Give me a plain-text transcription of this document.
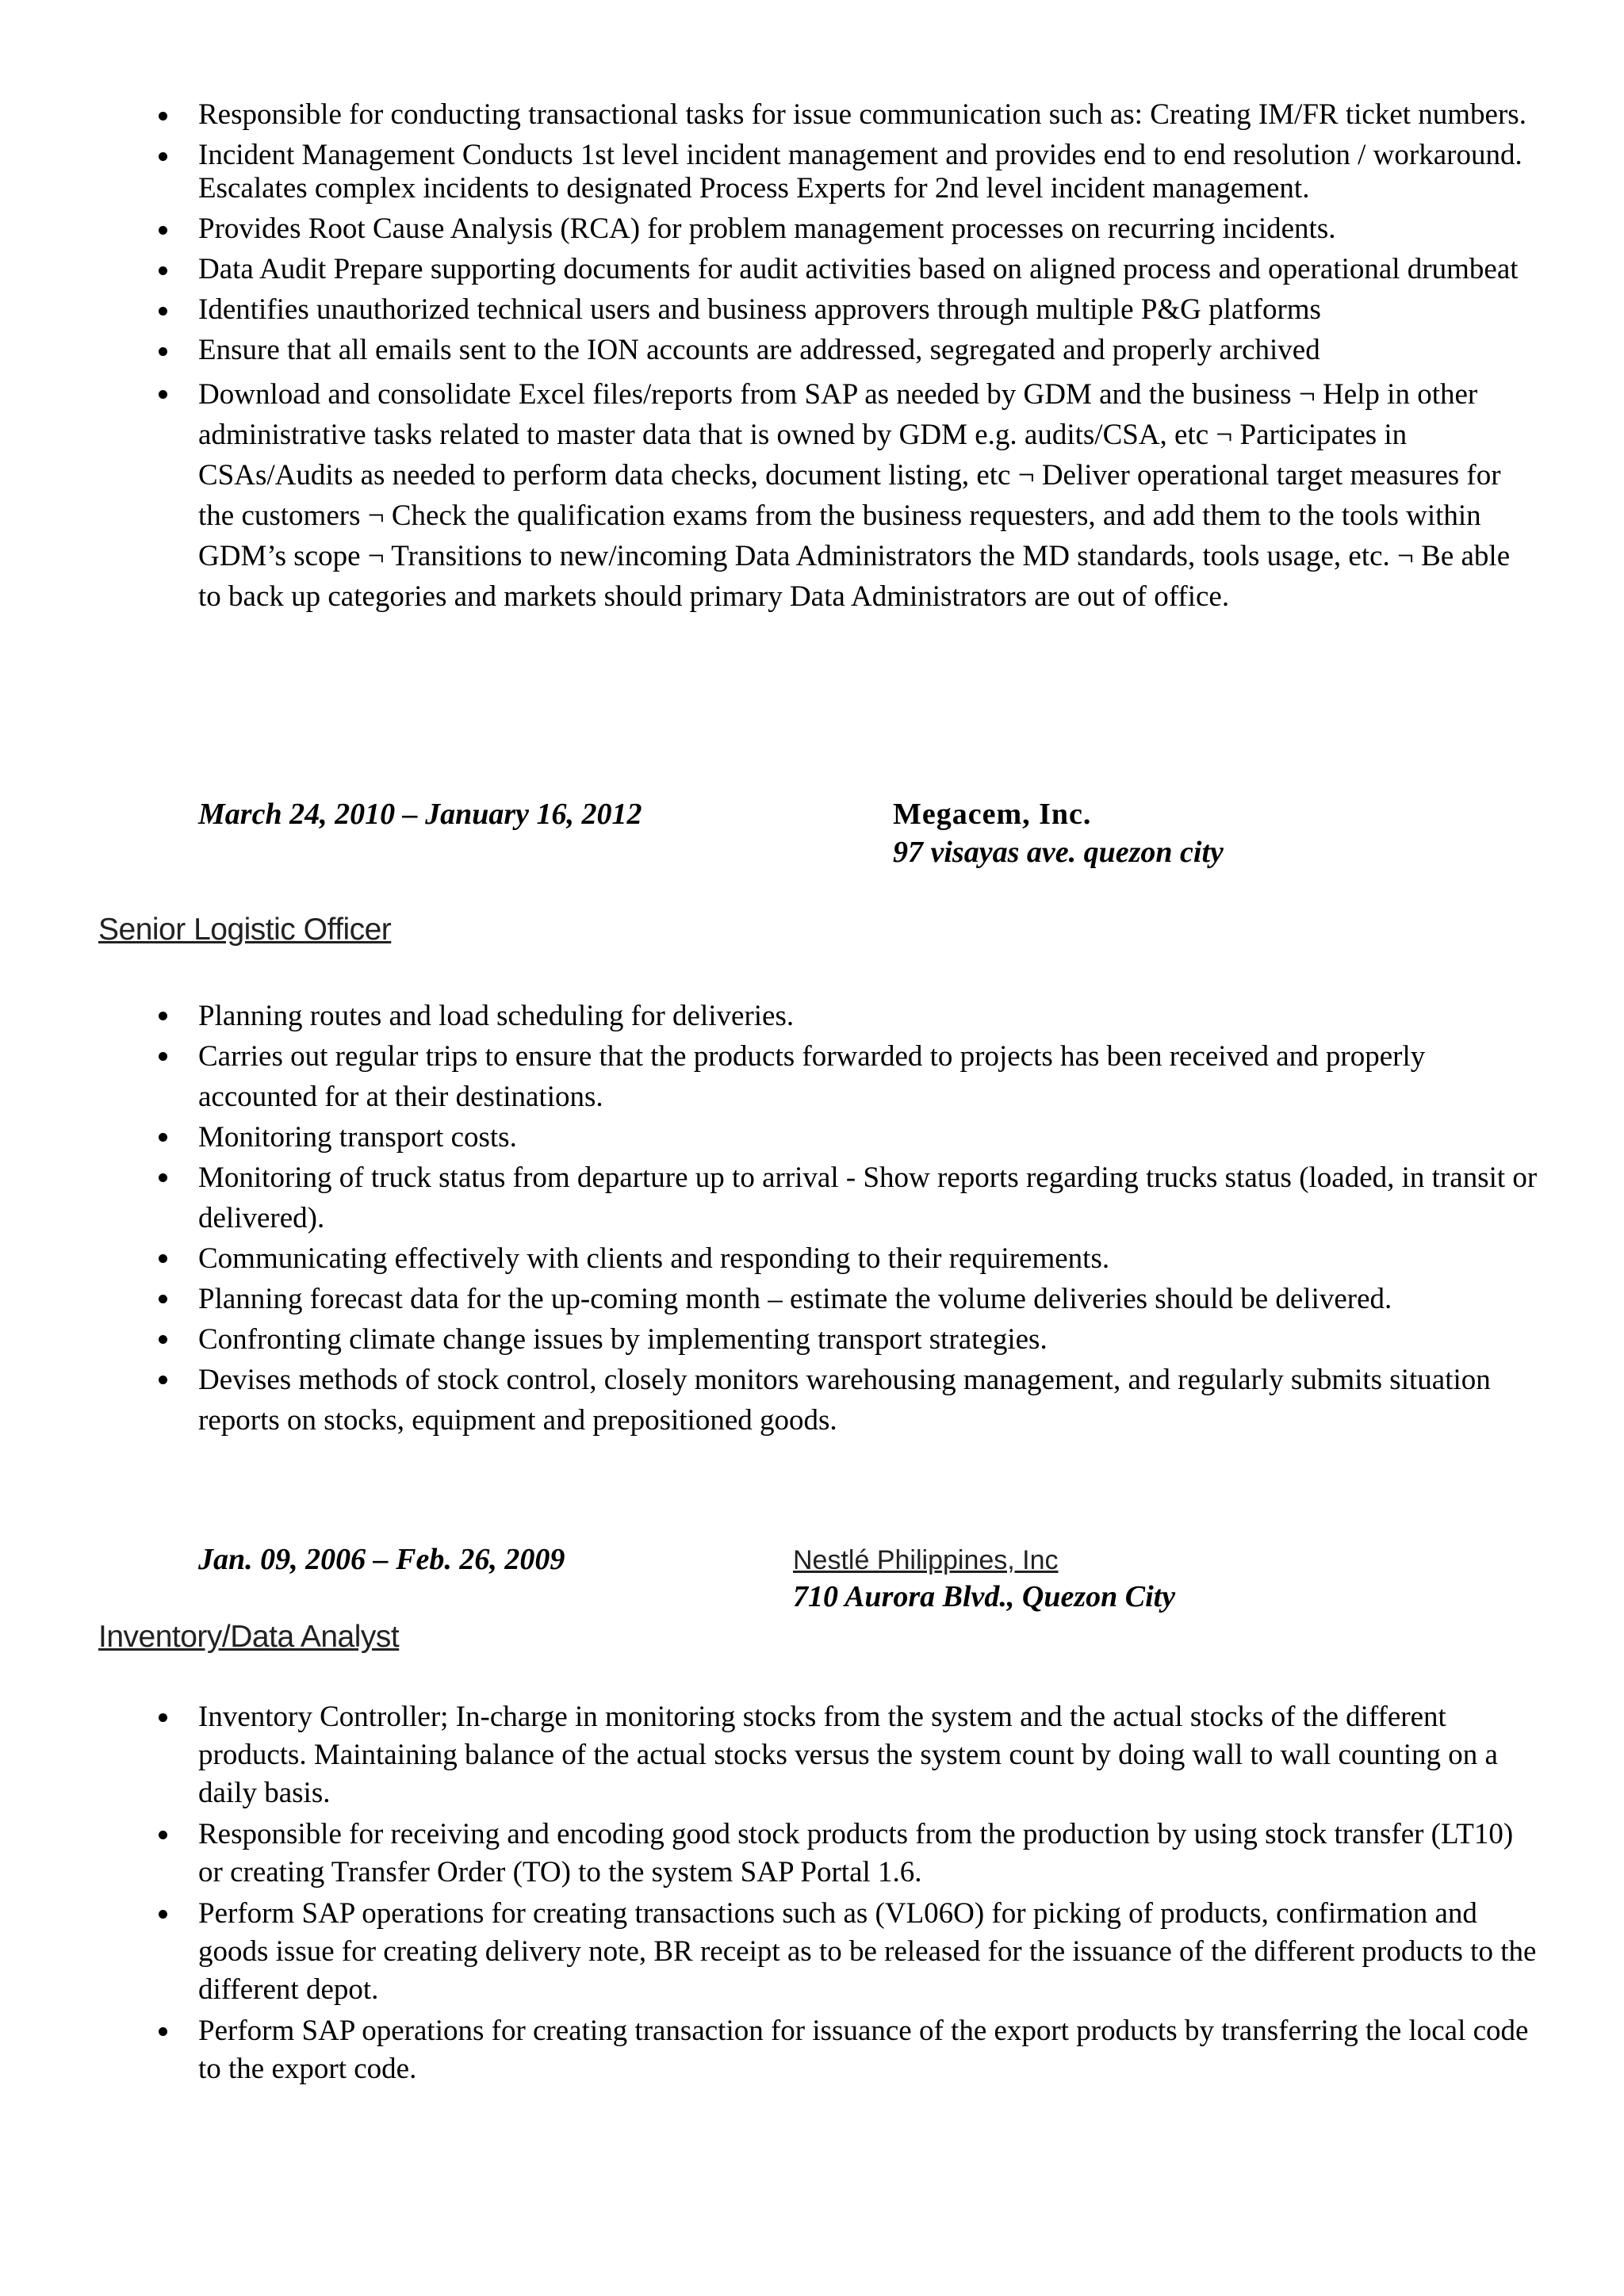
Responsible for conducting transactional tasks for issue communication such as: Creating IM/FR ticket numbers.
Incident Management Conducts 1st level incident management and provides end to end resolution / workaround. Escalates complex incidents to designated Process Experts for 2nd level incident management.
Provides Root Cause Analysis (RCA) for problem management processes on recurring incidents.
Data Audit Prepare supporting documents for audit activities based on aligned process and operational drumbeat
Identifies unauthorized technical users and business approvers through multiple P&G platforms
Ensure that all emails sent to the ION accounts are addressed, segregated and properly archived
Download and consolidate Excel files/reports from SAP as needed by GDM and the business ¬ Help in other administrative tasks related to master data that is owned by GDM e.g. audits/CSA, etc ¬ Participates in CSAs/Audits as needed to perform data checks, document listing, etc ¬ Deliver operational target measures for the customers ¬ Check the qualification exams from the business requesters, and add them to the tools within GDM’s scope ¬ Transitions to new/incoming Data Administrators the MD standards, tools usage, etc. ¬ Be able to back up categories and markets should primary Data Administrators are out of office.
March 24, 2010 – January 16, 2012	Megacem, Inc.
97 visayas ave. quezon city
Senior Logistic Officer
Planning routes and load scheduling for deliveries.
Carries out regular trips to ensure that the products forwarded to projects has been received and properly accounted for at their destinations.
Monitoring transport costs.
Monitoring of truck status from departure up to arrival - Show reports regarding trucks status (loaded, in transit or delivered).
Communicating effectively with clients and responding to their requirements.
Planning forecast data for the up-coming month – estimate the volume deliveries should be delivered.
Confronting climate change issues by implementing transport strategies.
Devises methods of stock control, closely monitors warehousing management, and regularly submits situation reports on stocks, equipment and prepositioned goods.
Jan. 09, 2006 – Feb. 26, 2009	Nestlé Philippines, Inc
710 Aurora Blvd., Quezon City
Inventory/Data Analyst
Inventory Controller; In-charge in monitoring stocks from the system and the actual stocks of the different products. Maintaining balance of the actual stocks versus the system count by doing wall to wall counting on a daily basis.
Responsible for receiving and encoding good stock products from the production by using stock transfer (LT10) or creating Transfer Order (TO) to the system SAP Portal 1.6.
Perform SAP operations for creating transactions such as (VL06O) for picking of products, confirmation and goods issue for creating delivery note, BR receipt as to be released for the issuance of the different products to the different depot.
Perform SAP operations for creating transaction for issuance of the export products by transferring the local code to the export code.
